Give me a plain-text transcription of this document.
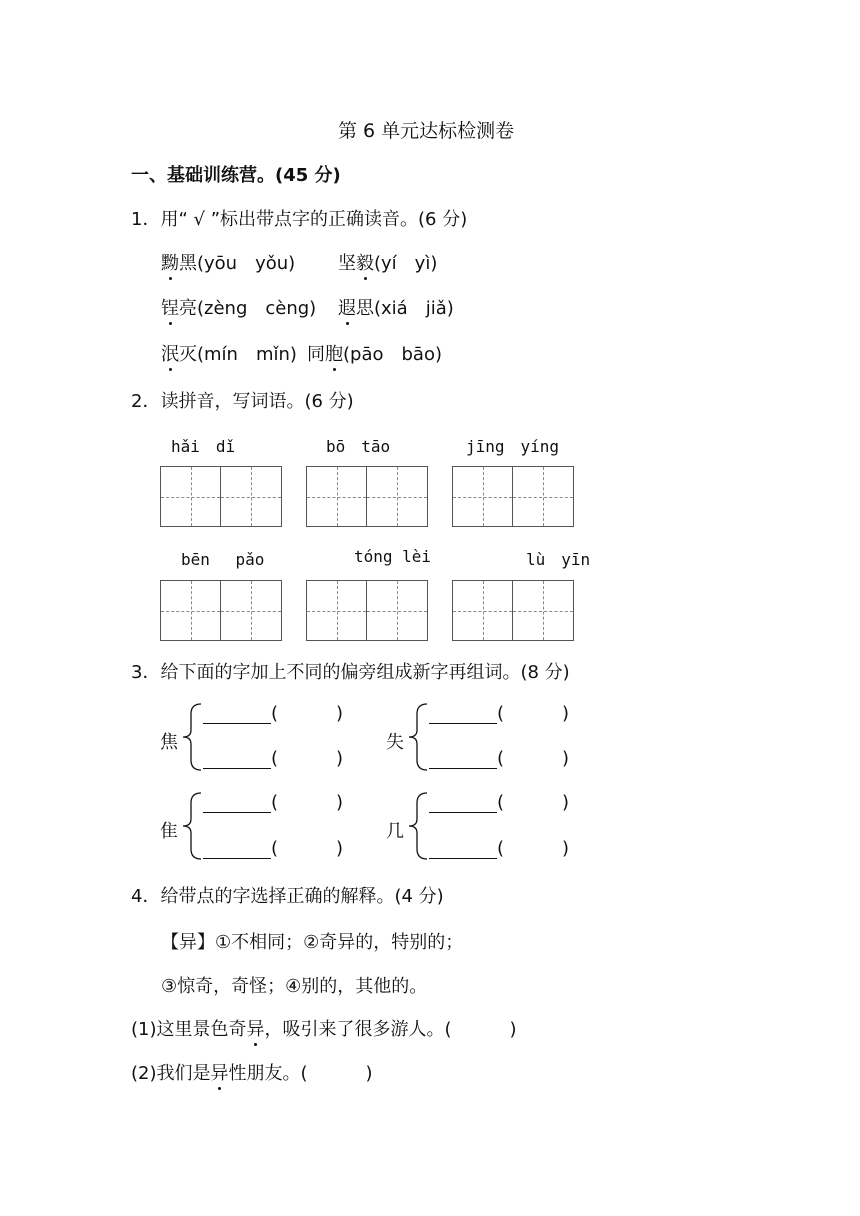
第 6 单元达标检测卷
一、基础训练营。(45 分)
1．用“ √ ”标出带点字的正确读音。(6 分)
黝黑(yōu　yǒu) 坚毅(yí　yì)
锃亮(zèng　cèng) 遐思(xiá　jiǎ)
泯灭(mín　mǐn) 同胞(pāo　bāo)
2．读拼音，写词语。(6 分)
hǎi　dǐ	bō　tāo	jīng　yíng
bēn　 pǎo	tóng lèi	lù　yīn
3．给下面的字加上不同的偏旁组成新字再组词。(8 分)
焦
(	)
(	)
失
(	)
(	)
隹
(	)
(	)
几
(	)
(	)
4．给带点的字选择正确的解释。(4 分)
【异】①不相同；②奇异的，特别的；
③惊奇，奇怪；④别的，其他的。
(1)这里景色奇异，吸引来了很多游人。(	)
(2)我们是异性朋友。(	)
